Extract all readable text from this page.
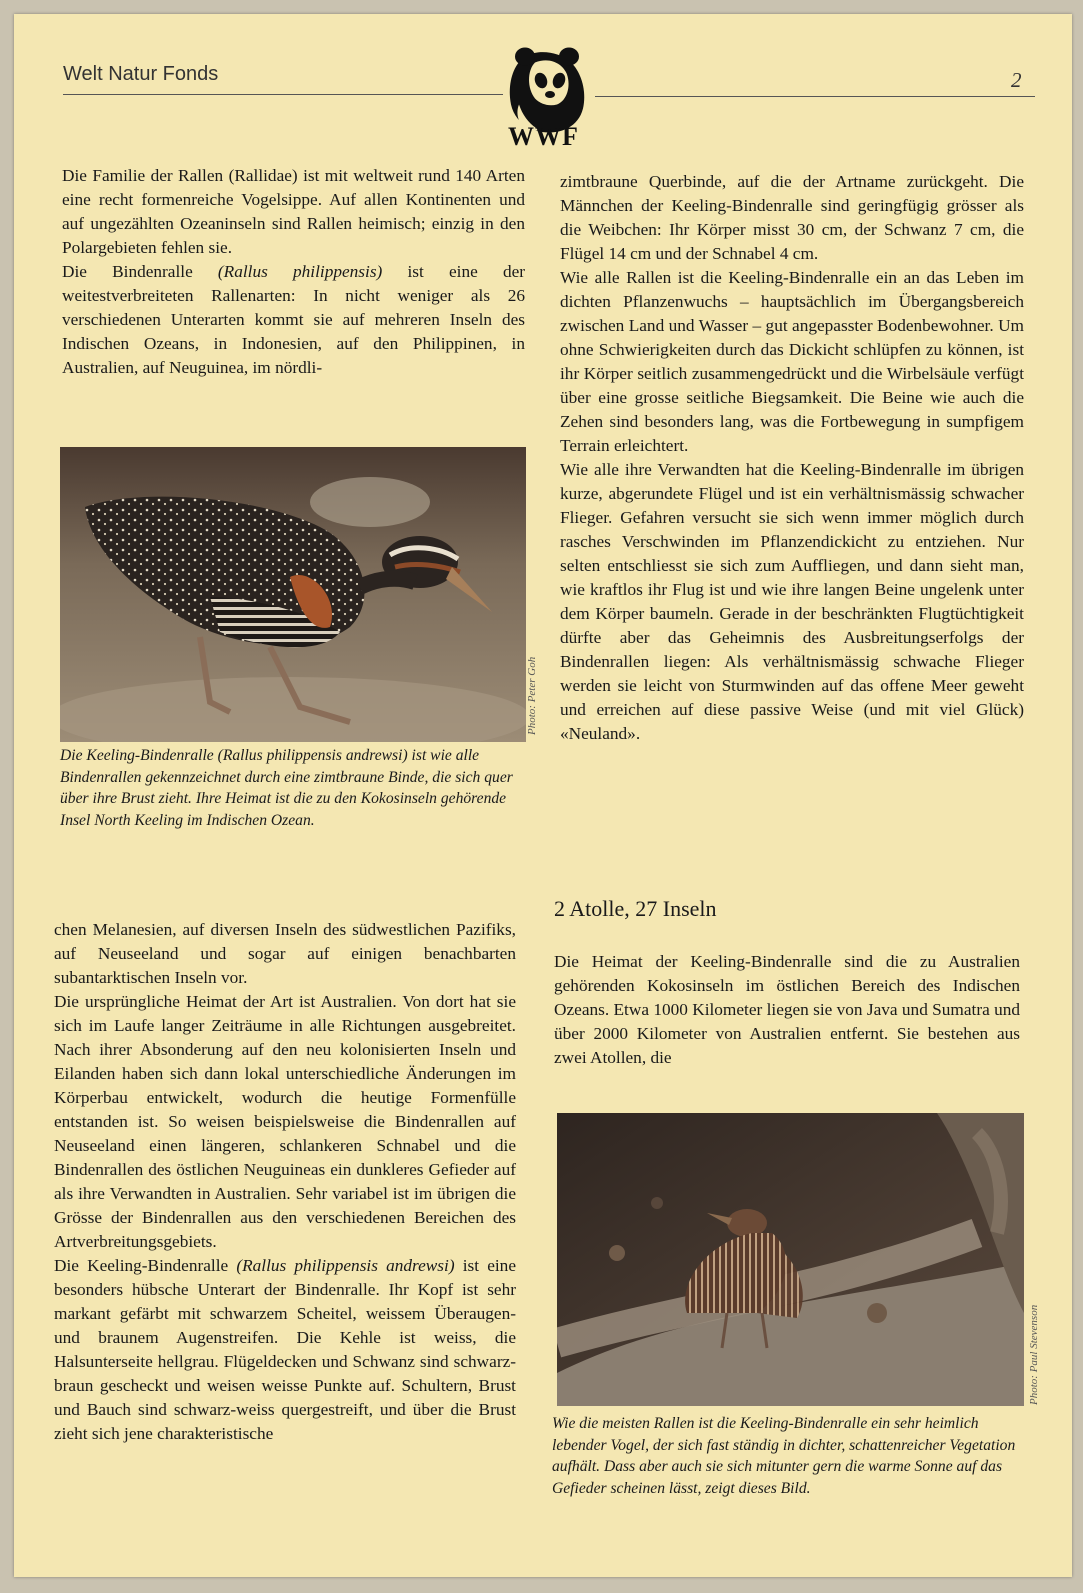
Welt Natur Fonds	2
WWF

Die Familie der Rallen (Rallidae) ist mit weltweit rund 140 Arten eine recht formenreiche Vogelsippe. Auf allen Kontinenten und auf ungezählten Ozeaninseln sind Rallen heimisch; einzig in den Polargebieten fehlen sie.

Die Bindenralle (Rallus philippensis) ist eine der weitestverbreiteten Rallenarten: In nicht weniger als 26 verschiedenen Unterarten kommt sie auf mehreren Inseln des Indischen Ozeans, in Indonesien, auf den Philippinen, in Australien, auf Neuguinea, im nördli-

Photo: Peter Goh
Die Keeling-Bindenralle (Rallus philippensis andrewsi) ist wie alle Bindenrallen gekennzeichnet durch eine zimtbraune Binde, die sich quer über ihre Brust zieht. Ihre Heimat ist die zu den Kokosinseln gehörende Insel North Keeling im Indischen Ozean.

chen Melanesien, auf diversen Inseln des südwestlichen Pazifiks, auf Neuseeland und sogar auf einigen benachbarten subantarktischen Inseln vor.

Die ursprüngliche Heimat der Art ist Australien. Von dort hat sie sich im Laufe langer Zeiträume in alle Richtungen ausgebreitet. Nach ihrer Absonderung auf den neu kolonisierten Inseln und Eilanden haben sich dann lokal unterschiedliche Änderungen im Körperbau entwickelt, wodurch die heutige Formenfülle entstanden ist. So weisen beispielsweise die Bindenrallen auf Neuseeland einen längeren, schlankeren Schnabel und die Bindenrallen des östlichen Neuguineas ein dunkleres Gefieder auf als ihre Verwandten in Australien. Sehr variabel ist im übrigen die Grösse der Bindenrallen aus den verschiedenen Bereichen des Artverbreitungsgebiets.

Die Keeling-Bindenralle (Rallus philippensis andrewsi) ist eine besonders hübsche Unterart der Bindenralle. Ihr Kopf ist sehr markant gefärbt mit schwarzem Scheitel, weissem Überaugen- und braunem Augenstreifen. Die Kehle ist weiss, die Halsunterseite hellgrau. Flügeldecken und Schwanz sind schwarz-braun gescheckt und weisen weisse Punkte auf. Schultern, Brust und Bauch sind schwarz-weiss quergestreift, und über die Brust zieht sich jene charakteristische

zimtbraune Querbinde, auf die der Artname zurückgeht. Die Männchen der Keeling-Bindenralle sind geringfügig grösser als die Weibchen: Ihr Körper misst 30 cm, der Schwanz 7 cm, die Flügel 14 cm und der Schnabel 4 cm.

Wie alle Rallen ist die Keeling-Bindenralle ein an das Leben im dichten Pflanzenwuchs – hauptsächlich im Übergangsbereich zwischen Land und Wasser – gut angepasster Bodenbewohner. Um ohne Schwierigkeiten durch das Dickicht schlüpfen zu können, ist ihr Körper seitlich zusammengedrückt und die Wirbelsäule verfügt über eine grosse seitliche Biegsamkeit. Die Beine wie auch die Zehen sind besonders lang, was die Fortbewegung in sumpfigem Terrain erleichtert.

Wie alle ihre Verwandten hat die Keeling-Bindenralle im übrigen kurze, abgerundete Flügel und ist ein verhältnismässig schwacher Flieger. Gefahren versucht sie sich wenn immer möglich durch rasches Verschwinden im Pflanzendickicht zu entziehen. Nur selten entschliesst sie sich zum Auffliegen, und dann sieht man, wie kraftlos ihr Flug ist und wie ihre langen Beine ungelenk unter dem Körper baumeln. Gerade in der beschränkten Flugtüchtigkeit dürfte aber das Geheimnis des Ausbreitungserfolgs der Bindenrallen liegen: Als verhältnismässig schwache Flieger werden sie leicht von Sturmwinden auf das offene Meer geweht und erreichen auf diese passive Weise (und mit viel Glück) «Neuland».

2 Atolle, 27 Inseln

Die Heimat der Keeling-Bindenralle sind die zu Australien gehörenden Kokosinseln im östlichen Bereich des Indischen Ozeans. Etwa 1000 Kilometer liegen sie von Java und Sumatra und über 2000 Kilometer von Australien entfernt. Sie bestehen aus zwei Atollen, die

Photo: Paul Stevenson
Wie die meisten Rallen ist die Keeling-Bindenralle ein sehr heimlich lebender Vogel, der sich fast ständig in dichter, schattenreicher Vegetation aufhält. Dass aber auch sie sich mitunter gern die warme Sonne auf das Gefieder scheinen lässt, zeigt dieses Bild.
